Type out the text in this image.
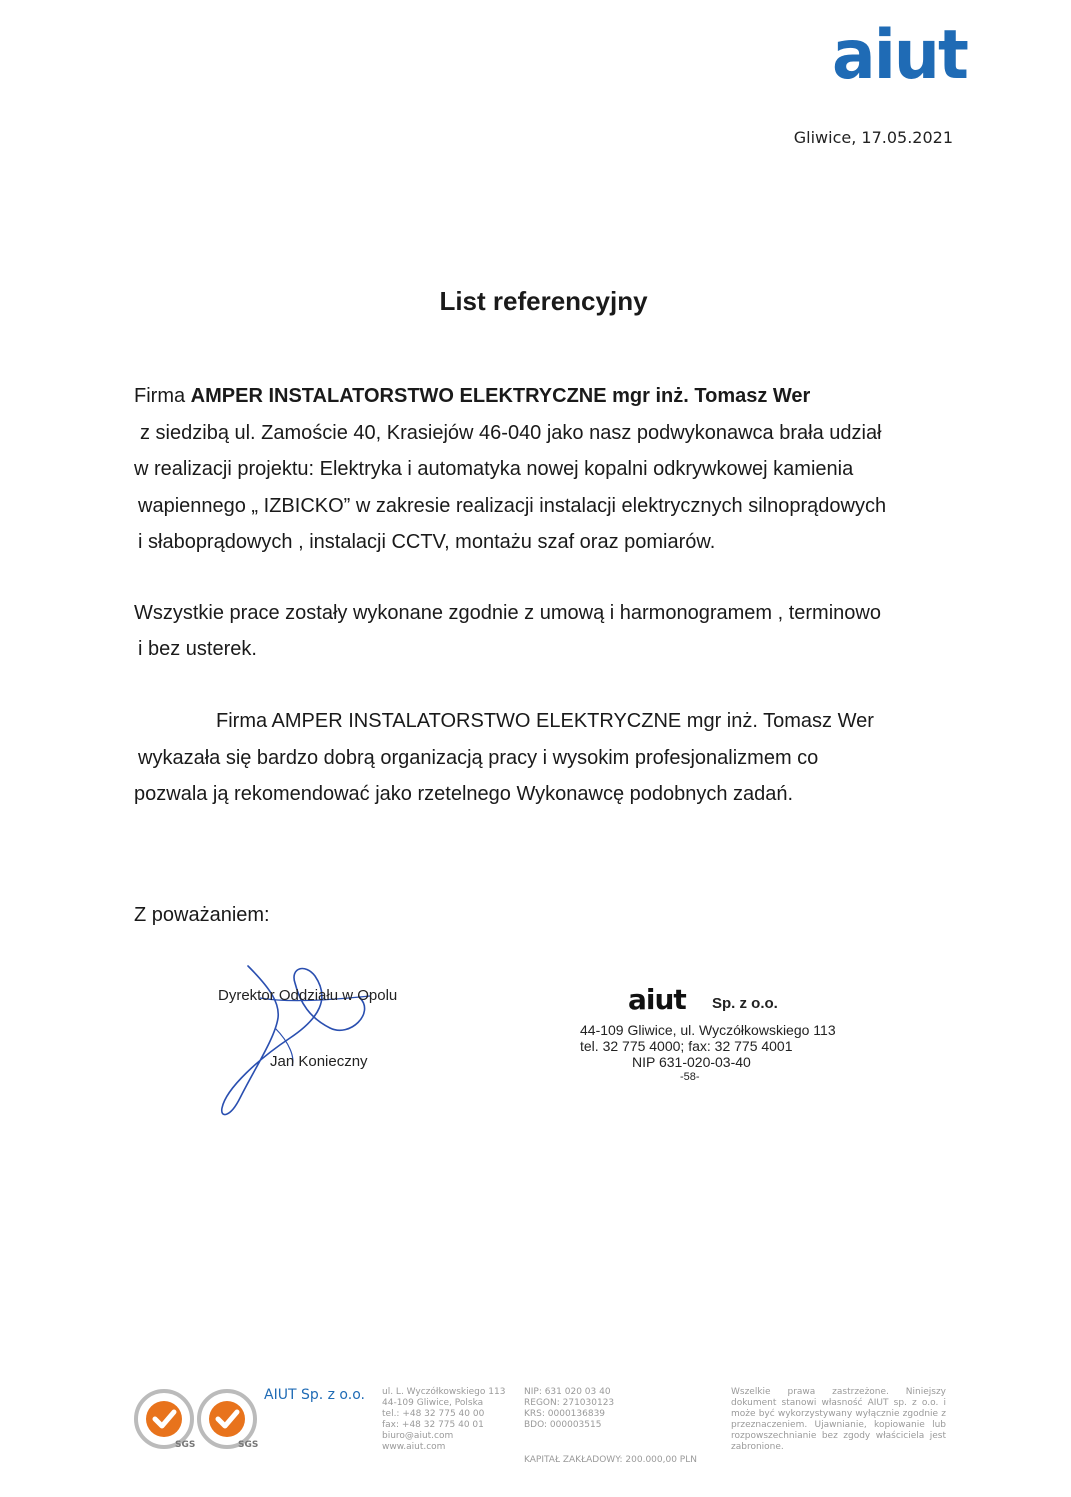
aiut
Gliwice, 17.05.2021
List referencyjny
Firma AMPER INSTALATORSTWO ELEKTRYCZNE mgr inż. Tomasz Wer
z siedzibą ul. Zamoście 40, Krasiejów 46-040 jako nasz podwykonawca brała udział
w realizacji projektu: Elektryka i automatyka nowej kopalni odkrywkowej kamienia
wapiennego „ IZBICKO” w zakresie realizacji instalacji elektrycznych silnoprądowych
i słaboprądowych , instalacji CCTV, montażu szaf oraz pomiarów.
Wszystkie prace zostały wykonane zgodnie z umową i harmonogramem , terminowo
i bez usterek.
Firma AMPER INSTALATORSTWO ELEKTRYCZNE mgr inż. Tomasz Wer
wykazała się bardzo dobrą organizacją pracy i wysokim profesjonalizmem co
pozwala ją rekomendować jako rzetelnego Wykonawcę podobnych zadań.
Z poważaniem:
Dyrektor Oddziału w Opolu
Jan Konieczny
aiut Sp. z o.o.
44-109 Gliwice, ul. Wyczółkowskiego 113
tel. 32 775 4000; fax: 32 775 4001
NIP 631-020-03-40
-58-
SGS	SGS
AIUT Sp. z o.o. ul. L. Wyczółkowskiego 113
44-109 Gliwice, Polska
tel.: +48 32 775 40 00
fax: +48 32 775 40 01
biuro@aiut.com
www.aiut.com
NIP: 631 020 03 40
REGON: 271030123
KRS: 0000136839
BDO: 000003515
KAPITAŁ ZAKŁADOWY: 200.000,00 PLN
Wszelkie prawa zastrzeżone. Niniejszy dokument stanowi własność AIUT sp. z o.o. i może być wykorzystywany wyłącznie zgodnie z przeznaczeniem. Ujawnianie, kopiowanie lub rozpowszechnianie bez zgody właściciela jest zabronione.
